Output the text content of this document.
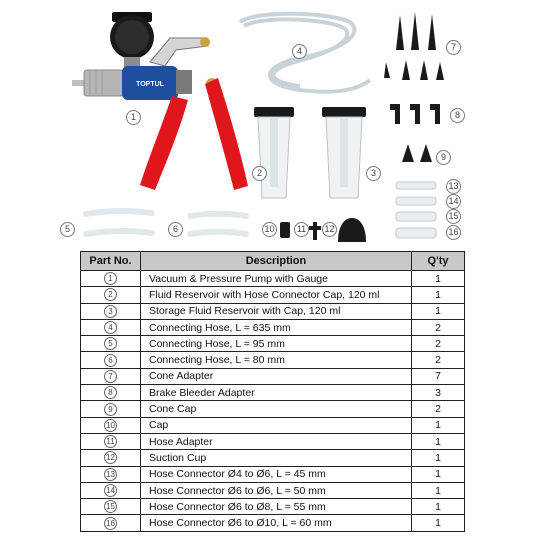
TOPTUL
1
2	3
4
5	6
7
8
9
10	11	12
13
14
15
16
Part No.	Description	Q'ty
1	Vacuum & Pressure Pump with Gauge	1
2	Fluid Reservoir with Hose Connector Cap, 120 ml	1
3	Storage Fluid Reservoir with Cap, 120 ml	1
4	Connecting Hose, L = 635 mm	2
5	Connecting Hose, L = 95 mm	2
6	Connecting Hose, L = 80 mm	2
7	Cone Adapter	7
8	Brake Bleeder Adapter	3
9	Cone Cap	2
10	Cap	1
11	Hose Adapter	1
12	Suction Cup	1
13	Hose Connector Ø4 to Ø6, L = 45 mm	1
14	Hose Connector Ø6 to Ø6, L = 50 mm	1
15	Hose Connector Ø6 to Ø8, L = 55 mm	1
16	Hose Connector Ø6 to Ø10, L = 60 mm	1
